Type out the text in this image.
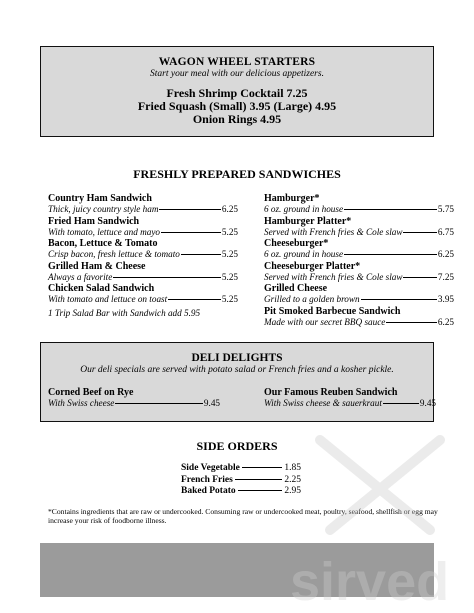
WAGON WHEEL STARTERS
Start your meal with our delicious appetizers.
Fresh Shrimp Cocktail 7.25
Fried Squash (Small) 3.95 (Large) 4.95
Onion Rings 4.95
FRESHLY PREPARED SANDWICHES
Country Ham Sandwich
Thick, juicy country style ham	6.25
Fried Ham Sandwich
With tomato, lettuce and mayo	5.25
Bacon, Lettuce & Tomato
Crisp bacon, fresh lettuce & tomato	5.25
Grilled Ham & Cheese
Always a favorite	5.25
Chicken Salad Sandwich
With tomato and lettuce on toast	5.25
1 Trip Salad Bar with Sandwich add 5.95
Hamburger*
6 oz. ground in house	5.75
Hamburger Platter*
Served with French fries & Cole slaw	6.75
Cheeseburger*
6 oz. ground in house	6.25
Cheeseburger Platter*
Served with French fries & Cole slaw	7.25
Grilled Cheese
Grilled to a golden brown	3.95
Pit Smoked Barbecue Sandwich
Made with our secret BBQ sauce	6.25
DELI DELIGHTS
Our deli specials are served with potato salad or French fries and a kosher pickle.
Corned Beef on Rye
With Swiss cheese	9.45
Our Famous Reuben Sandwich
With Swiss cheese & sauerkraut	9.45
SIDE ORDERS
Side Vegetable	1.85
French Fries	2.25
Baked Potato	2.95
*Contains ingredients that are raw or undercooked. Consuming raw or undercooked meat, poultry, seafood, shellfish or egg may increase your risk of foodborne illness.
sirved
